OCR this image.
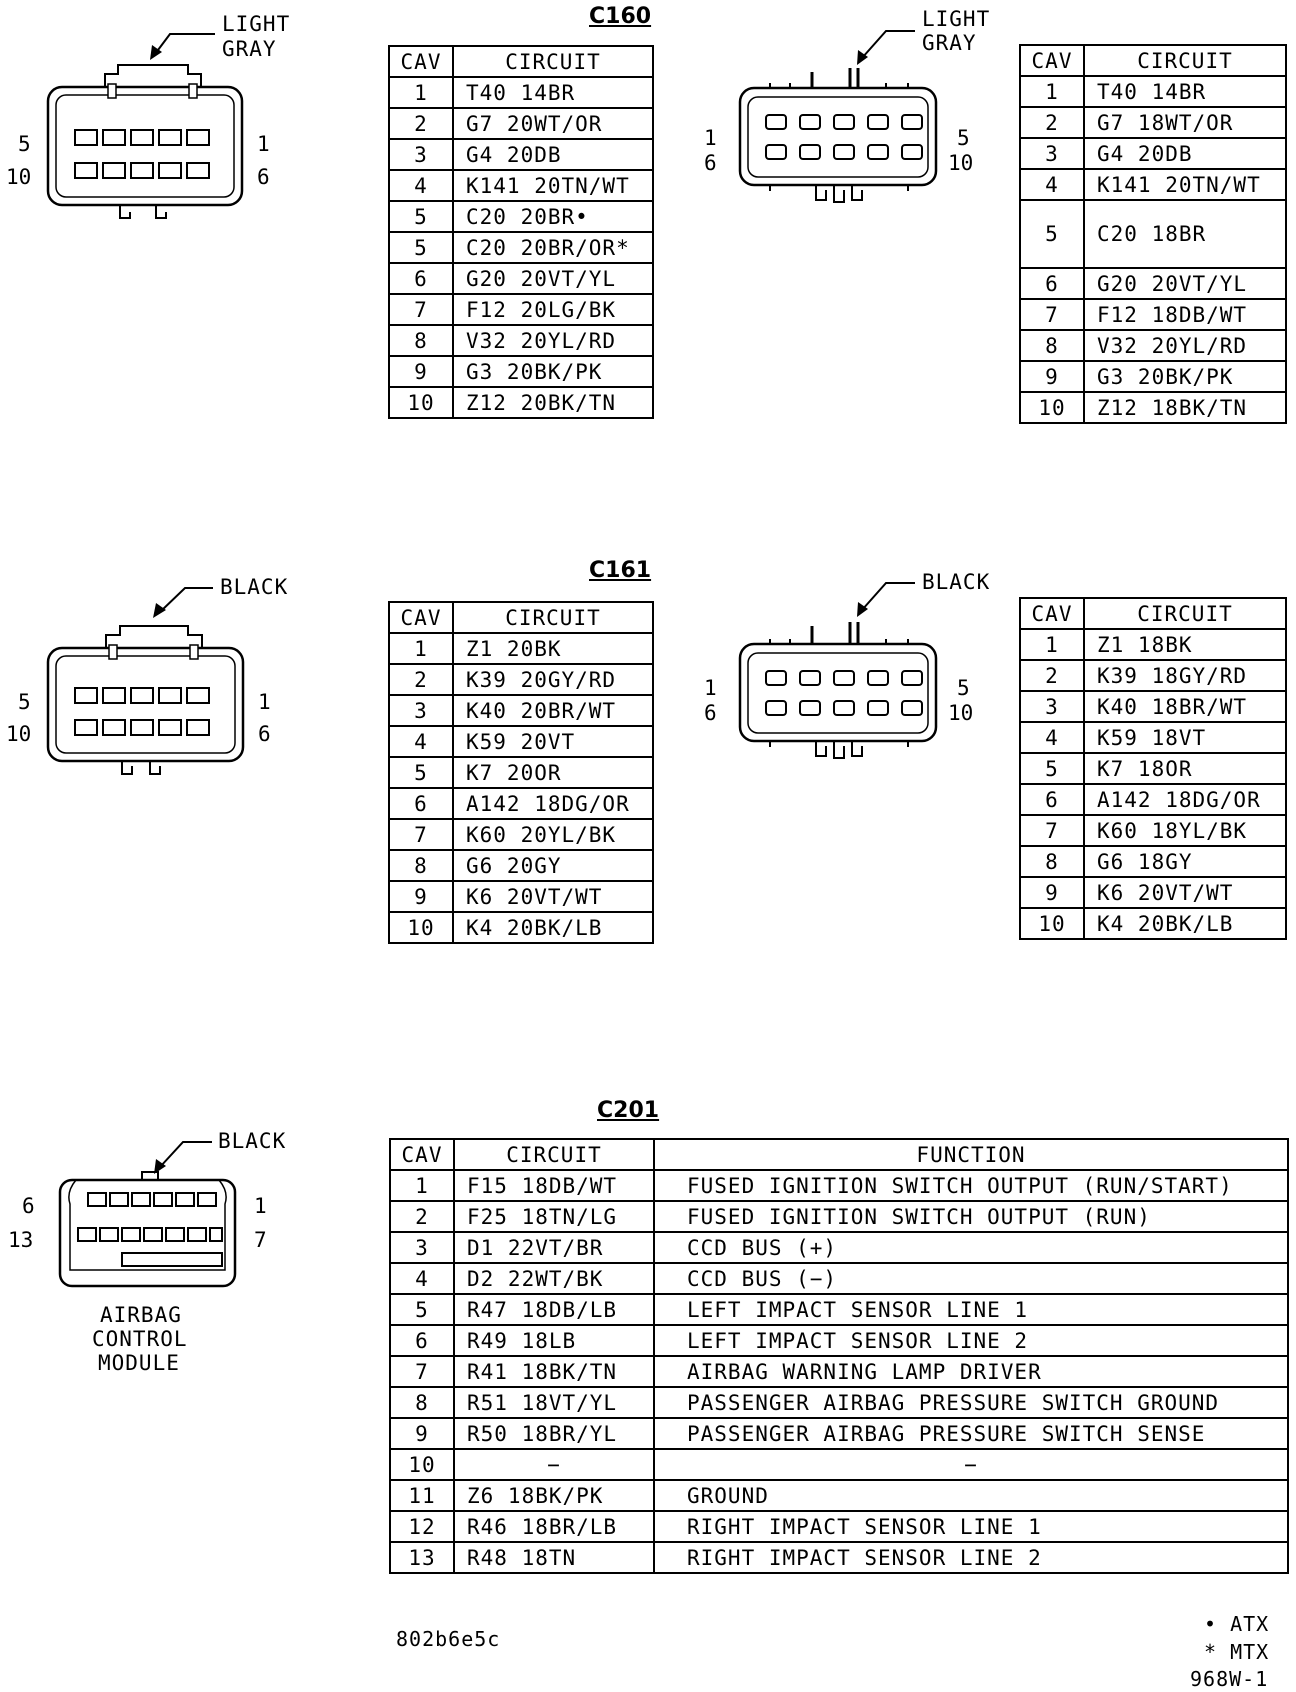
C160
LIGHT
GRAY
5	1
10	6
CAV	CIRCUIT
1	T40 14BR
2	G7 20WT/OR
3	G4 20DB
4	K141 20TN/WT
5	C20 20BR•
5	C20 20BR/OR*
6	G20 20VT/YL
7	F12 20LG/BK
8	V32 20YL/RD
9	G3 20BK/PK
10	Z12 20BK/TN
LIGHT
GRAY
1	5
6	10
CAV	CIRCUIT
1	T40 14BR
2	G7 18WT/OR
3	G4 20DB
4	K141 20TN/WT
5	C20 18BR
6	G20 20VT/YL
7	F12 18DB/WT
8	V32 20YL/RD
9	G3 20BK/PK
10	Z12 18BK/TN
C161
BLACK
5	1
10	6
CAV	CIRCUIT
1	Z1 20BK
2	K39 20GY/RD
3	K40 20BR/WT
4	K59 20VT
5	K7 20OR
6	A142 18DG/OR
7	K60 20YL/BK
8	G6 20GY
9	K6 20VT/WT
10	K4 20BK/LB
BLACK
1	5
6	10
CAV	CIRCUIT
1	Z1 18BK
2	K39 18GY/RD
3	K40 18BR/WT
4	K59 18VT
5	K7 18OR
6	A142 18DG/OR
7	K60 18YL/BK
8	G6 18GY
9	K6 20VT/WT
10	K4 20BK/LB
C201
BLACK
6	1
13	7
AIRBAG
CONTROL
MODULE
CAV	CIRCUIT	FUNCTION
1	F15 18DB/WT	FUSED IGNITION SWITCH OUTPUT (RUN/START)
2	F25 18TN/LG	FUSED IGNITION SWITCH OUTPUT (RUN)
3	D1 22VT/BR	CCD BUS (+)
4	D2 22WT/BK	CCD BUS (−)
5	R47 18DB/LB	LEFT IMPACT SENSOR LINE 1
6	R49 18LB	LEFT IMPACT SENSOR LINE 2
7	R41 18BK/TN	AIRBAG WARNING LAMP DRIVER
8	R51 18VT/YL	PASSENGER AIRBAG PRESSURE SWITCH GROUND
9	R50 18BR/YL	PASSENGER AIRBAG PRESSURE SWITCH SENSE
10	−	−
11	Z6 18BK/PK	GROUND
12	R46 18BR/LB	RIGHT IMPACT SENSOR LINE 1
13	R48 18TN	RIGHT IMPACT SENSOR LINE 2
802b6e5c
• ATX
* MTX
968W-1
